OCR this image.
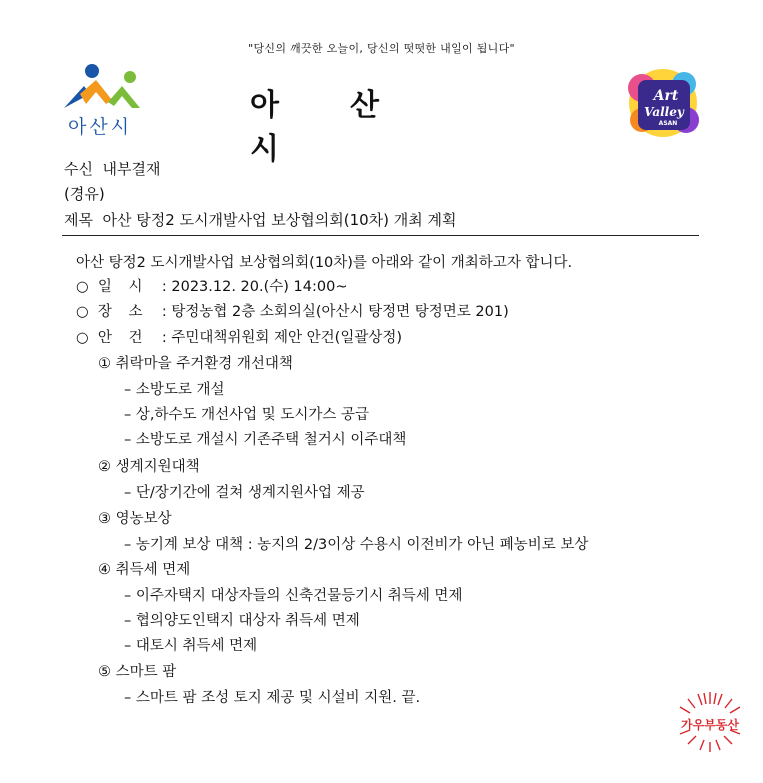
"당신의 깨끗한 오늘이, 당신의 떳떳한 내일이 됩니다"
아산시
아 산시
Art
Valley
ASAN
수신 내부결재
(경유)
제목 아산 탕정2 도시개발사업 보상협의회(10차) 개최 계획
아산 탕정2 도시개발사업 보상협의회(10차)를 아래와 같이 개최하고자 합니다.
○ 일 시 : 2023.12. 20.(수) 14:00~
○ 장 소 : 탕정농협 2층 소회의실(아산시 탕정면 탕정면로 201)
○ 안 건 : 주민대책위원회 제안 안건(일괄상정)
① 취락마을 주거환경 개선대책
– 소방도로 개설
– 상,하수도 개선사업 및 도시가스 공급
– 소방도로 개설시 기존주택 철거시 이주대책
② 생계지원대책
– 단/장기간에 걸쳐 생계지원사업 제공
③ 영농보상
– 농기계 보상 대책 : 농지의 2/3이상 수용시 이전비가 아닌 폐농비로 보상
④ 취득세 면제
– 이주자택지 대상자들의 신축건물등기시 취득세 면제
– 협의양도인택지 대상자 취득세 면제
– 대토시 취득세 면제
⑤ 스마트 팜
– 스마트 팜 조성 토지 제공 및 시설비 지원. 끝.
가우부동산
